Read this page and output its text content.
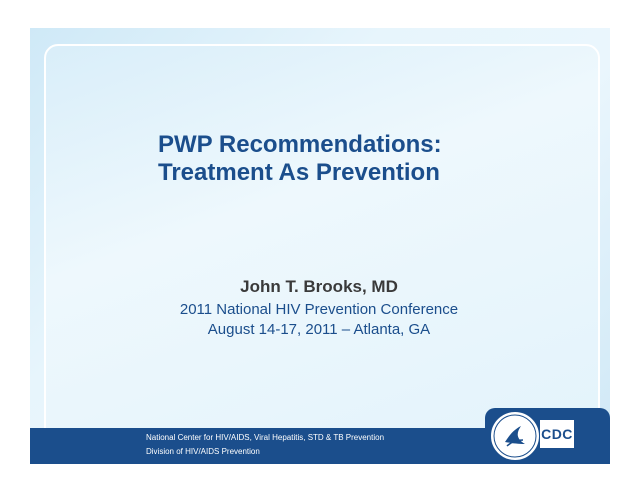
PWP Recommendations:
Treatment As Prevention
John T. Brooks, MD
2011 National HIV Prevention Conference
August 14-17, 2011 – Atlanta, GA
National Center for HIV/AIDS, Viral Hepatitis, STD & TB Prevention
Division of HIV/AIDS Prevention
CDC
